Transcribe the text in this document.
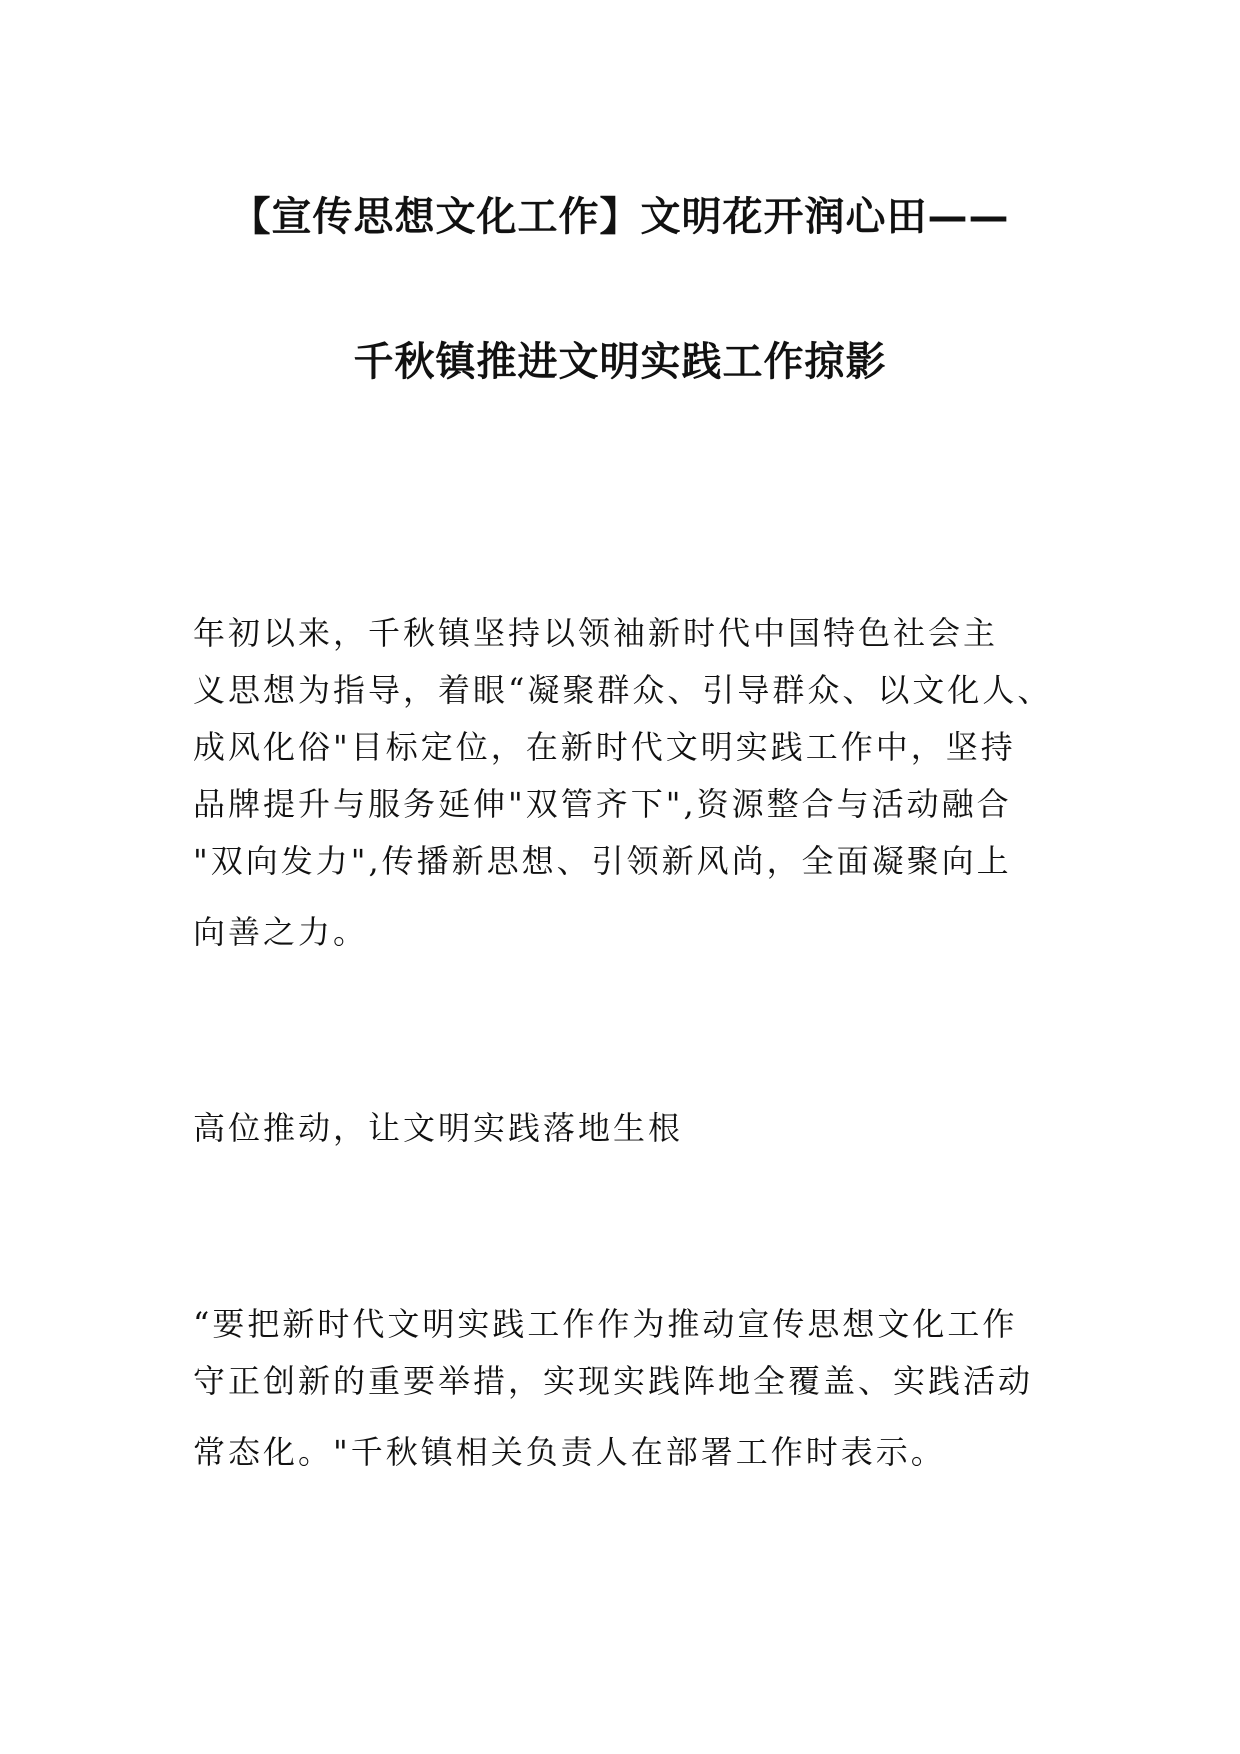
【宣传思想文化工作】文明花开润心田——
千秋镇推进文明实践工作掠影
年初以来，千秋镇坚持以领袖新时代中国特色社会主
义思想为指导，着眼“凝聚群众、引导群众、以文化人、
成风化俗"目标定位，在新时代文明实践工作中，坚持
品牌提升与服务延伸"双管齐下",资源整合与活动融合
"双向发力",传播新思想、引领新风尚，全面凝聚向上
向善之力。
高位推动，让文明实践落地生根
“要把新时代文明实践工作作为推动宣传思想文化工作
守正创新的重要举措，实现实践阵地全覆盖、实践活动
常态化。"千秋镇相关负责人在部署工作时表示。
